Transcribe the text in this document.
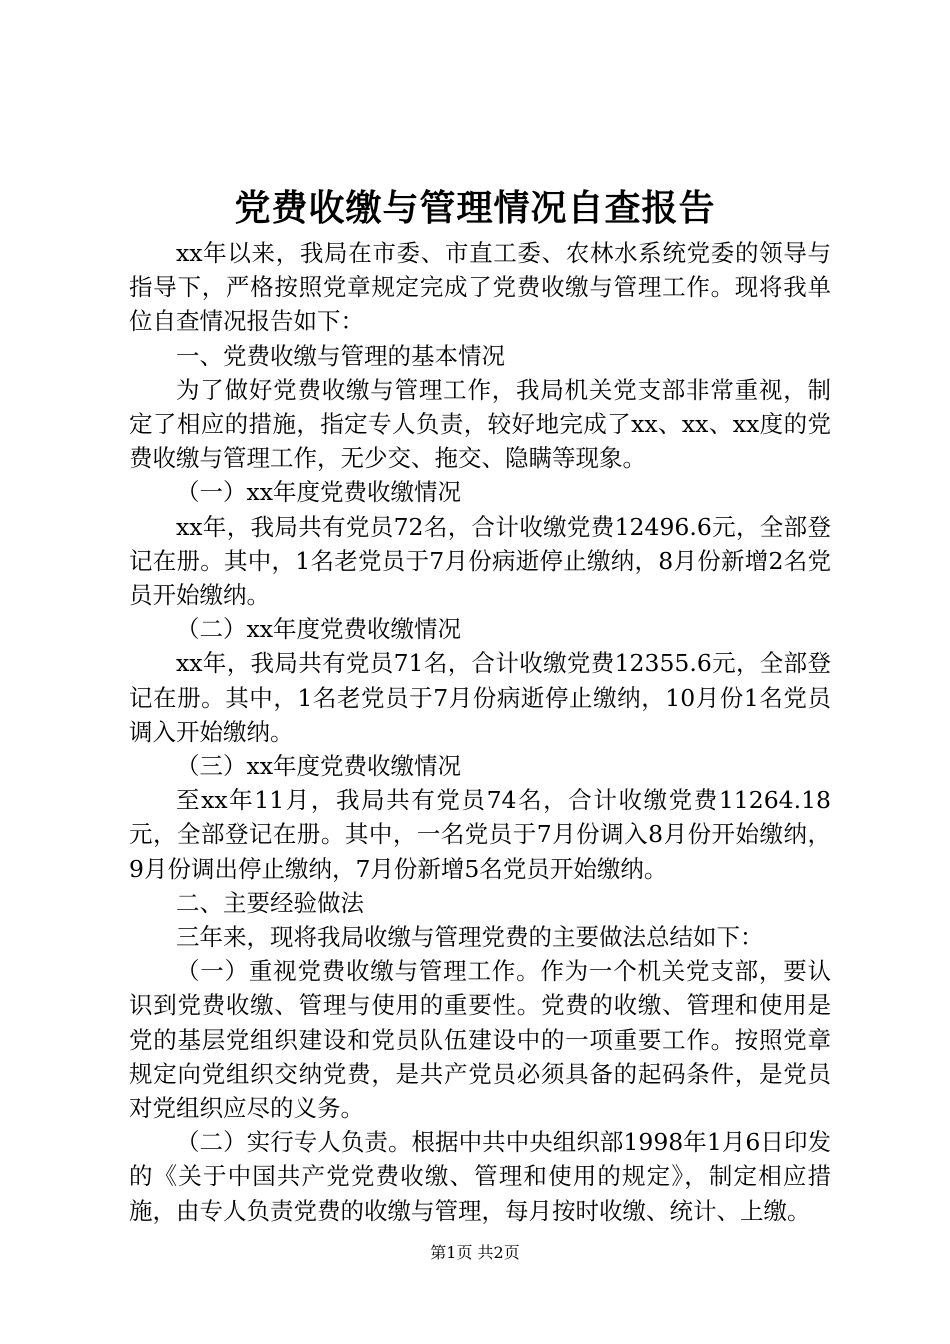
党费收缴与管理情况自查报告

xx年以来，我局在市委、市直工委、农林水系统党委的领导与指导下，严格按照党章规定完成了党费收缴与管理工作。现将我单位自查情况报告如下：

一、党费收缴与管理的基本情况

为了做好党费收缴与管理工作，我局机关党支部非常重视，制定了相应的措施，指定专人负责，较好地完成了xx、xx、xx度的党费收缴与管理工作，无少交、拖交、隐瞒等现象。

（一）xx年度党费收缴情况

xx年，我局共有党员72名，合计收缴党费12496.6元，全部登记在册。其中，1名老党员于7月份病逝停止缴纳，8月份新增2名党员开始缴纳。

（二）xx年度党费收缴情况

xx年，我局共有党员71名，合计收缴党费12355.6元，全部登记在册。其中，1名老党员于7月份病逝停止缴纳，10月份1名党员调入开始缴纳。

（三）xx年度党费收缴情况

至xx年11月，我局共有党员74名，合计收缴党费11264.18元，全部登记在册。其中，一名党员于7月份调入8月份开始缴纳，9月份调出停止缴纳，7月份新增5名党员开始缴纳。

二、主要经验做法

三年来，现将我局收缴与管理党费的主要做法总结如下：

（一）重视党费收缴与管理工作。作为一个机关党支部，要认识到党费收缴、管理与使用的重要性。党费的收缴、管理和使用是党的基层党组织建设和党员队伍建设中的一项重要工作。按照党章规定向党组织交纳党费，是共产党员必须具备的起码条件，是党员对党组织应尽的义务。

（二）实行专人负责。根据中共中央组织部1998年1月6日印发的《关于中国共产党党费收缴、管理和使用的规定》，制定相应措施，由专人负责党费的收缴与管理，每月按时收缴、统计、上缴。

第1页 共2页
